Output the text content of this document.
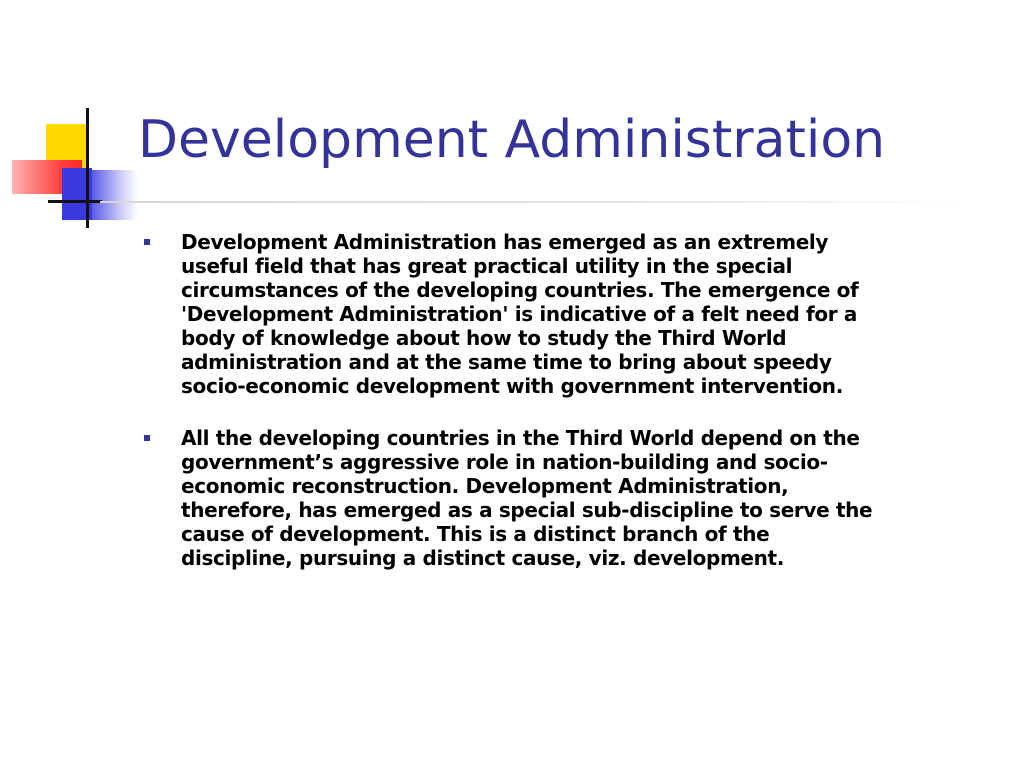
Development Administration
Development Administration has emerged as an extremely
useful field that has great practical utility in the special
circumstances of the developing countries. The emergence of
'Development Administration' is indicative of a felt need for a
body of knowledge about how to study the Third World
administration and at the same time to bring about speedy
socio-economic development with government intervention.
All the developing countries in the Third World depend on the
government’s aggressive role in nation-building and socio-
economic reconstruction. Development Administration,
therefore, has emerged as a special sub-discipline to serve the
cause of development. This is a distinct branch of the
discipline, pursuing a distinct cause, viz. development.
